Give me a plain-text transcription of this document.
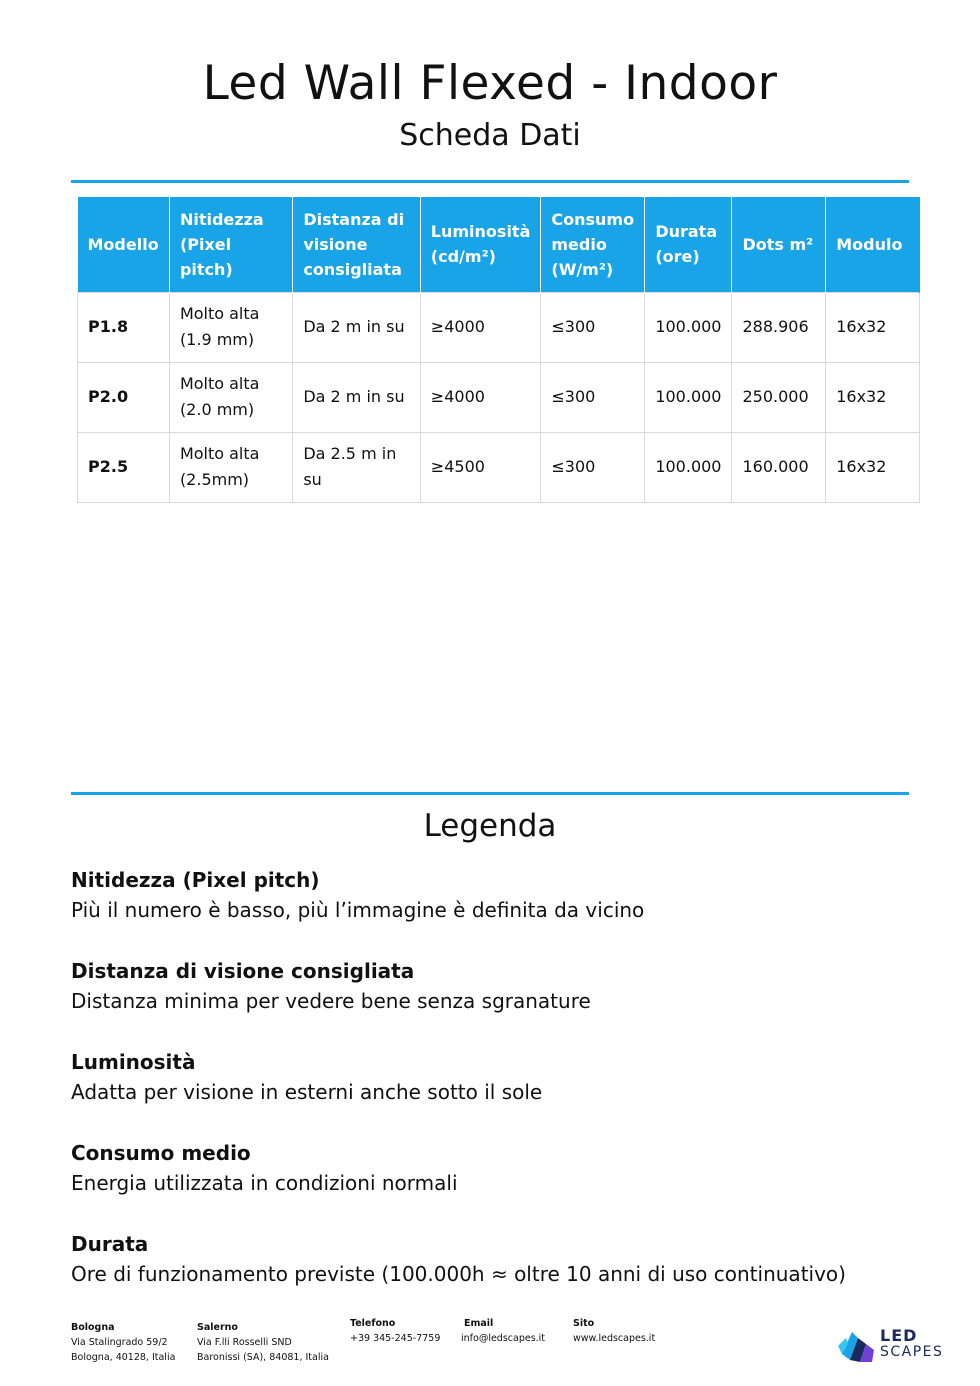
Led Wall Flexed - Indoor
Scheda Dati
Modello	Nitidezza (Pixel pitch)	Distanza di visione consigliata	Luminosità (cd/m²)	Consumo medio (W/m²)	Durata (ore)	Dots m²	Modulo
P1.8	Molto alta (1.9 mm)	Da 2 m in su	≥4000	≤300	100.000	288.906	16x32
P2.0	Molto alta (2.0 mm)	Da 2 m in su	≥4000	≤300	100.000	250.000	16x32
P2.5	Molto alta (2.5mm)	Da 2.5 m in su	≥4500	≤300	100.000	160.000	16x32
Legenda
Nitidezza (Pixel pitch)
Più il numero è basso, più l’immagine è definita da vicino
Distanza di visione consigliata
Distanza minima per vedere bene senza sgranature
Luminosità
Adatta per visione in esterni anche sotto il sole
Consumo medio
Energia utilizzata in condizioni normali
Durata
Ore di funzionamento previste (100.000h ≈ oltre 10 anni di uso continuativo)
Bologna
Via Stalingrado 59/2
Bologna, 40128, Italia
Salerno
Via F.lli Rosselli SND
Baronissi (SA), 84081, Italia
Telefono
+39 345-245-7759
Email
info@ledscapes.it
Sito
www.ledscapes.it	LED
SCAPES
